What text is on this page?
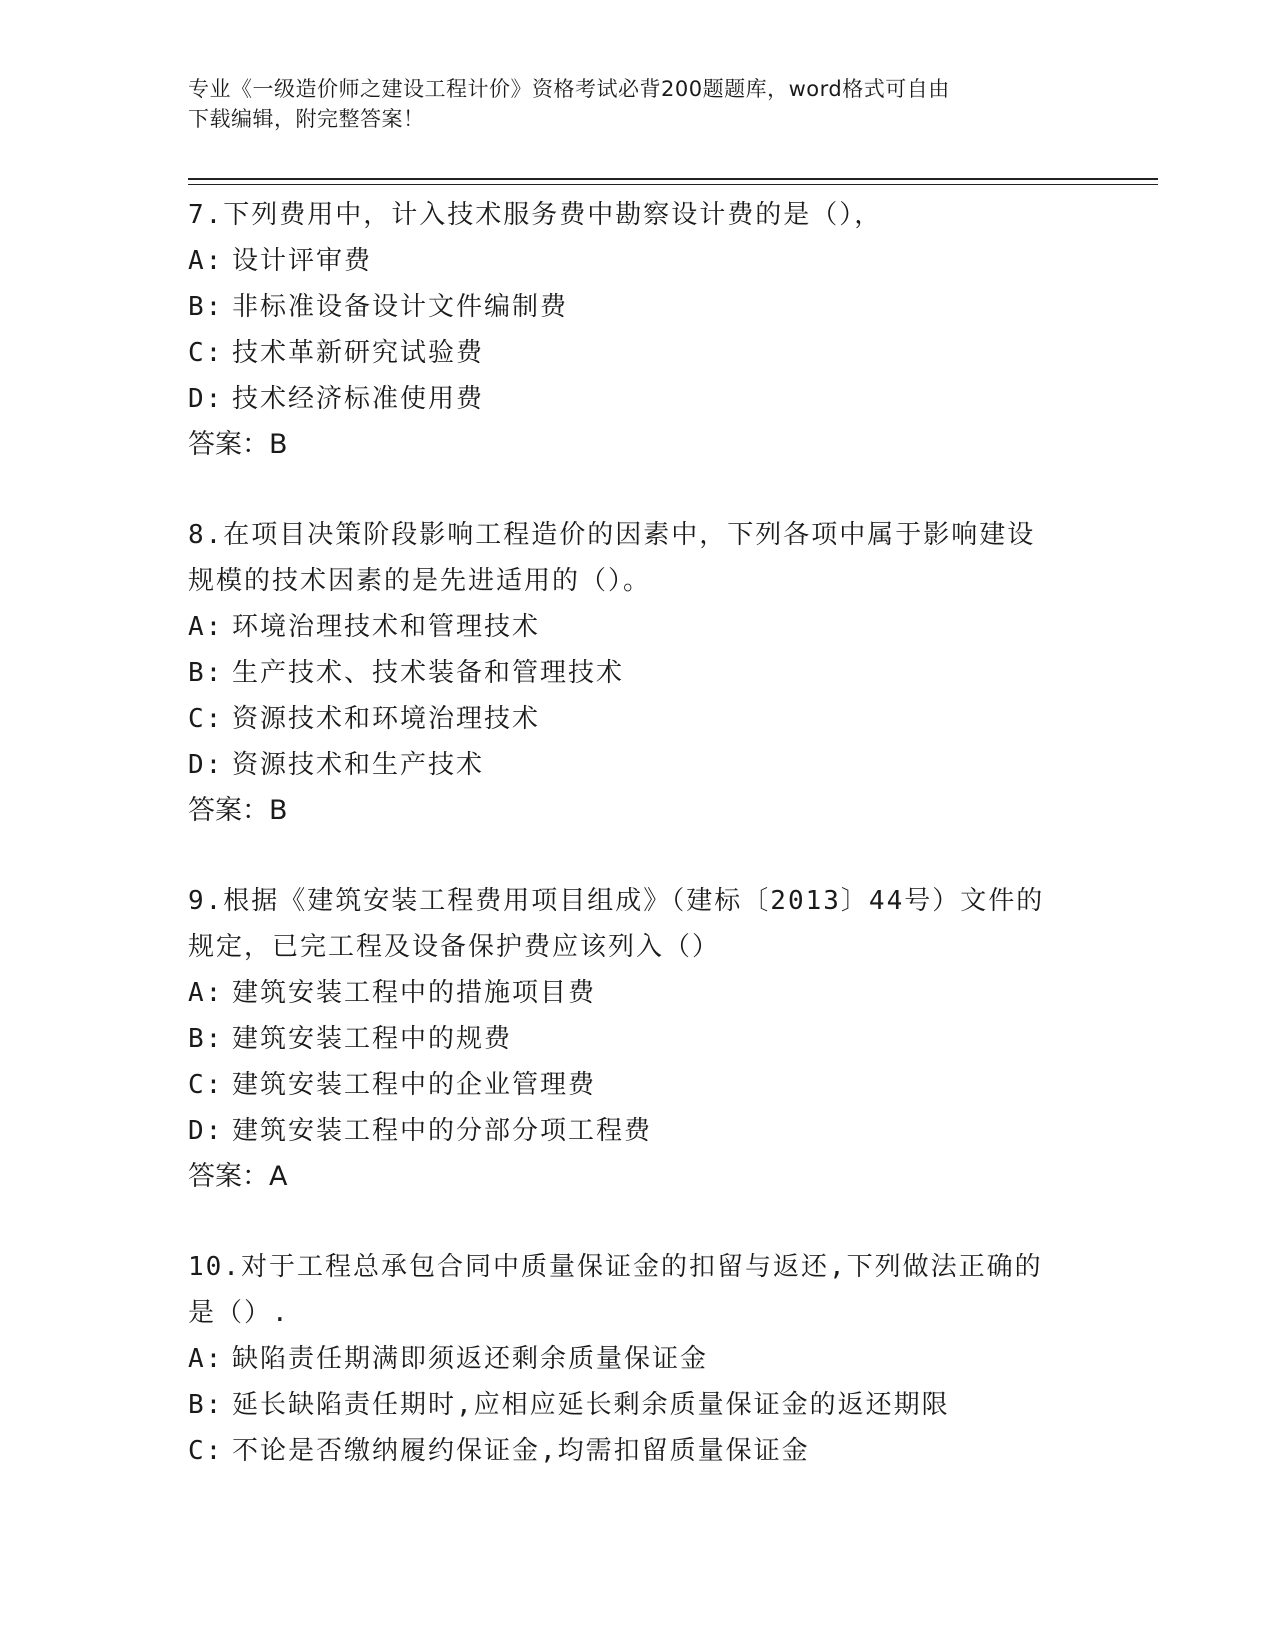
专业《一级造价师之建设工程计价》资格考试必背200题题库，word格式可自由
下载编辑，附完整答案！
7.下列费用中，计入技术服务费中勘察设计费的是（），
A: 设计评审费
B: 非标准设备设计文件编制费
C: 技术革新研究试验费
D: 技术经济标准使用费
答案：B
8.在项目决策阶段影响工程造价的因素中，下列各项中属于影响建设
规模的技术因素的是先进适用的（）。
A: 环境治理技术和管理技术
B: 生产技术、技术装备和管理技术
C: 资源技术和环境治理技术
D: 资源技术和生产技术
答案：B
9.根据《建筑安装工程费用项目组成》（建标〔2013〕44号）文件的
规定，已完工程及设备保护费应该列入（）
A: 建筑安装工程中的措施项目费
B: 建筑安装工程中的规费
C: 建筑安装工程中的企业管理费
D: 建筑安装工程中的分部分项工程费
答案：A
10.对于工程总承包合同中质量保证金的扣留与返还,下列做法正确的
是（）.
A: 缺陷责任期满即须返还剩余质量保证金
B: 延长缺陷责任期时,应相应延长剩余质量保证金的返还期限
C: 不论是否缴纳履约保证金,均需扣留质量保证金
